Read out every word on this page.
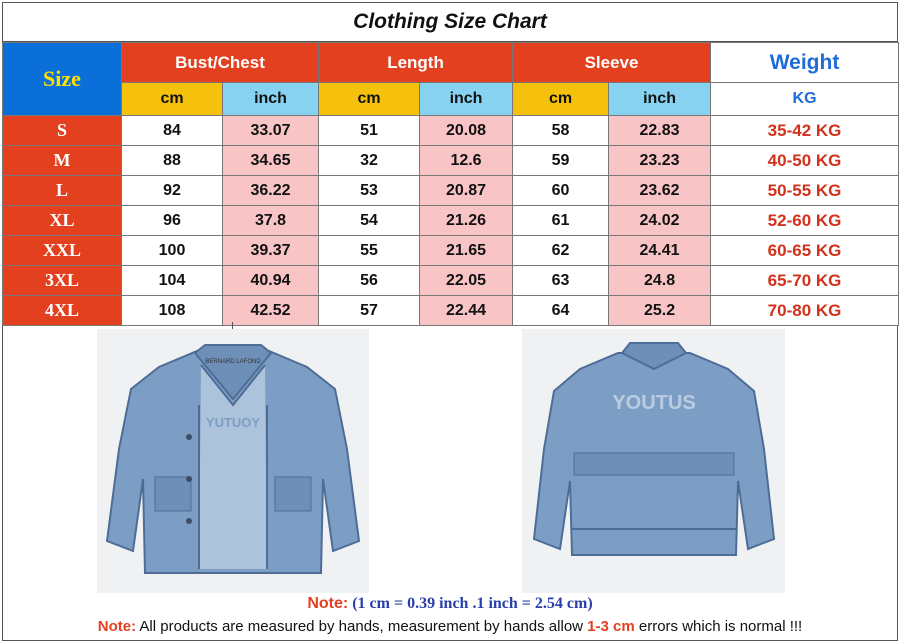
Clothing Size Chart
Size	Bust/Chest		Length		Sleeve		Weight
	cm	inch	cm	inch	cm	inch	KG
S	84	33.07	51	20.08	58	22.83	35-42 KG
M	88	34.65	32	12.6	59	23.23	40-50 KG
L	92	36.22	53	20.87	60	23.62	50-55 KG
XL	96	37.8	54	21.26	61	24.02	52-60 KG
XXL	100	39.37	55	21.65	62	24.41	60-65 KG
3XL	104	40.94	56	22.05	63	24.8	65-70 KG
4XL	108	42.52	57	22.44	64	25.2	70-80 KG
YUTUOY
BERNARD LAFOND
YOUTUS
Note: (1 cm = 0.39 inch .1 inch = 2.54 cm)
Note: All products are measured by hands, measurement by hands allow 1-3 cm errors which is normal !!!
